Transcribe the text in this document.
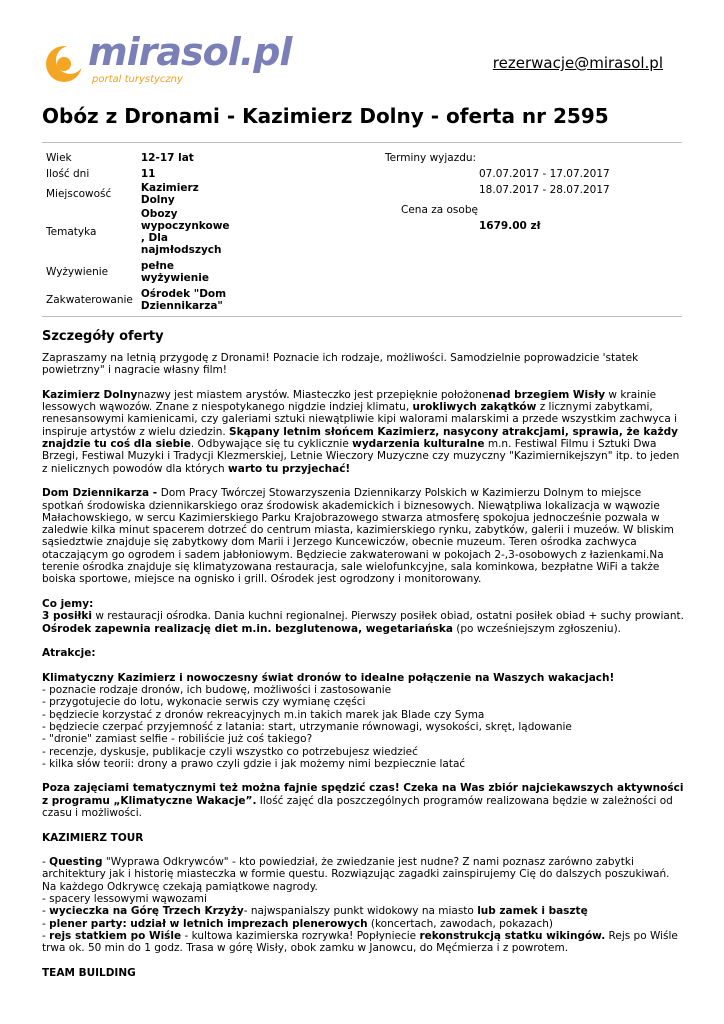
mirasol.pl
portal turystyczny
rezerwacje@mirasol.pl
Obóz z Dronami - Kazimierz Dolny - oferta nr 2595
Wiek	12-17 lat
Ilość dni	11
Miejscowość	Kazimierz Dolny
Tematyka	Obozy wypoczynkowe , Dla najmłodszych
Wyżywienie	pełne wyżywienie
Zakwaterowanie	Ośrodek "Dom Dziennikarza"
Terminy wyjazdu:
07.07.2017 - 17.07.2017
18.07.2017 - 28.07.2017
Cena za osobę
1679.00 zł
Szczegóły oferty

Zapraszamy na letnią przygodę z Dronami! Poznacie ich rodzaje, możliwości. Samodzielnie poprowadzicie 'statek powietrzny" i nagracie własny film!

Kazimierz Dolnynazwy jest miastem arystów. Miasteczko jest przepięknie położonenad brzegiem Wisły w krainie lessowych wąwozów. Znane z niespotykanego nigdzie indziej klimatu, urokliwych zakątków z licznymi zabytkami, renesansowymi kamienicami, czy galeriami sztuki niewątpliwie kipi walorami malarskimi a przede wszystkim zachwyca i inspiruje artystów z wielu dziedzin. Skąpany letnim słońcem Kazimierz, nasycony atrakcjami, sprawia, że każdy znajdzie tu coś dla siebie. Odbywające się tu cyklicznie wydarzenia kulturalne m.n. Festiwal Filmu i Sztuki Dwa Brzegi, Festiwal Muzyki i Tradycji Klezmerskiej, Letnie Wieczory Muzyczne czy muzyczny "Kazimiernikejszyn" itp. to jeden z nielicznych powodów dla których warto tu przyjechać!

Dom Dziennikarza - Dom Pracy Twórczej Stowarzyszenia Dziennikarzy Polskich w Kazimierzu Dolnym to miejsce spotkań środowiska dziennikarskiego oraz środowisk akademickich i biznesowych. Niewątpliwa lokalizacja w wąwozie Małachowskiego, w sercu Kazimierskiego Parku Krajobrazowego stwarza atmosferę spokojua jednocześnie pozwala w zaledwie kilka minut spacerem dotrzeć do centrum miasta, kazimierskiego rynku, zabytków, galerii i muzeów. W bliskim sąsiedztwie znajduje się zabytkowy dom Marii i Jerzego Kuncewiczów, obecnie muzeum. Teren ośrodka zachwyca otaczającym go ogrodem i sadem jabłoniowym. Będziecie zakwaterowani w pokojach 2-,3-osobowych z łazienkami.Na terenie ośrodka znajduje się klimatyzowana restauracja, sale wielofunkcyjne, sala kominkowa, bezpłatne WiFi a także boiska sportowe, miejsce na ognisko i grill. Ośrodek jest ogrodzony i monitorowany.

Co jemy:
3 posiłki w restauracji ośrodka. Dania kuchni regionalnej. Pierwszy posiłek obiad, ostatni posiłek obiad + suchy prowiant.
Ośrodek zapewnia realizację diet m.in. bezglutenowa, wegetariańska (po wcześniejszym zgłoszeniu).

Atrakcje:

Klimatyczny Kazimierz i nowoczesny świat dronów to idealne połączenie na Waszych wakacjach!
- poznacie rodzaje dronów, ich budowę, możliwości i zastosowanie
- przygotujecie do lotu, wykonacie serwis czy wymianę części
- będziecie korzystać z dronów rekreacyjnych m.in takich marek jak Blade czy Syma
- będziecie czerpać przyjemność z latania: start, utrzymanie równowagi, wysokości, skręt, lądowanie
- "dronie" zamiast selfie - robiliście już coś takiego?
- recenzje, dyskusje, publikacje czyli wszystko co potrzebujesz wiedzieć
- kilka słów teorii: drony a prawo czyli gdzie i jak możemy nimi bezpiecznie latać

Poza zajęciami tematycznymi też można fajnie spędzić czas! Czeka na Was zbiór najciekawszych aktywności z programu „Klimatyczne Wakacje”. Ilość zajęć dla poszczególnych programów realizowana będzie w zależności od czasu i możliwości.

KAZIMIERZ TOUR

- Questing "Wyprawa Odkrywców" - kto powiedział, że zwiedzanie jest nudne? Z nami poznasz zarówno zabytki architektury jak i historię miasteczka w formie questu. Rozwiązując zagadki zainspirujemy Cię do dalszych poszukiwań. Na każdego Odkrywcę czekają pamiątkowe nagrody.
- spacery lessowymi wąwozami
- wycieczka na Górę Trzech Krzyży- najwspanialszy punkt widokowy na miasto lub zamek i basztę
- plener party: udział w letnich imprezach plenerowych (koncertach, zawodach, pokazach)
- rejs statkiem po Wiśle - kultowa kazimierska rozrywka! Popłyniecie rekonstrukcją statku wikingów. Rejs po Wiśle trwa ok. 50 min do 1 godz. Trasa w górę Wisły, obok zamku w Janowcu, do Męćmierza i z powrotem.

TEAM BUILDING
